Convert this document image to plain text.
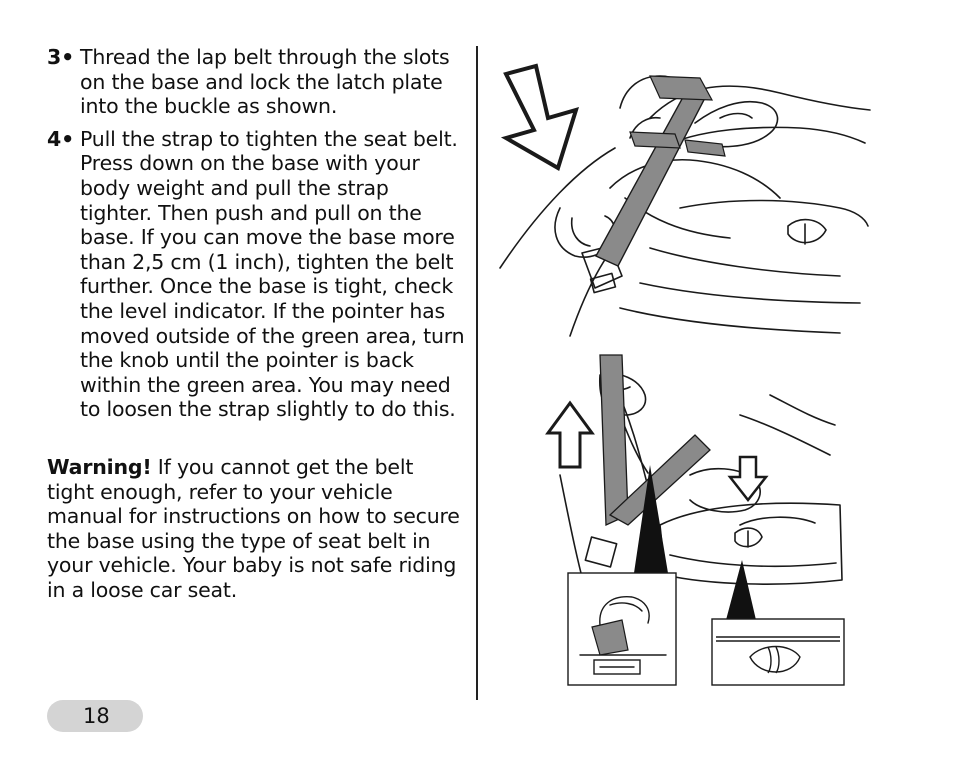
3• Thread the lap belt through the slots on the base and lock the latch plate into the buckle as shown.
4• Pull the strap to tighten the seat belt. Press down on the base with your body weight and pull the strap tighter. Then push and pull on the base. If you can move the base more than 2,5 cm (1 inch), tighten the belt further. Once the base is tight, check the level indicator. If the pointer has moved outside of the green area, turn the knob until the pointer is back within the green area. You may need to loosen the strap slightly to do this.
Warning! If you cannot get the belt tight enough, refer to your vehicle manual for instructions on how to secure the base using the type of seat belt in your vehicle. Your baby is not safe riding in a loose car seat.
18
